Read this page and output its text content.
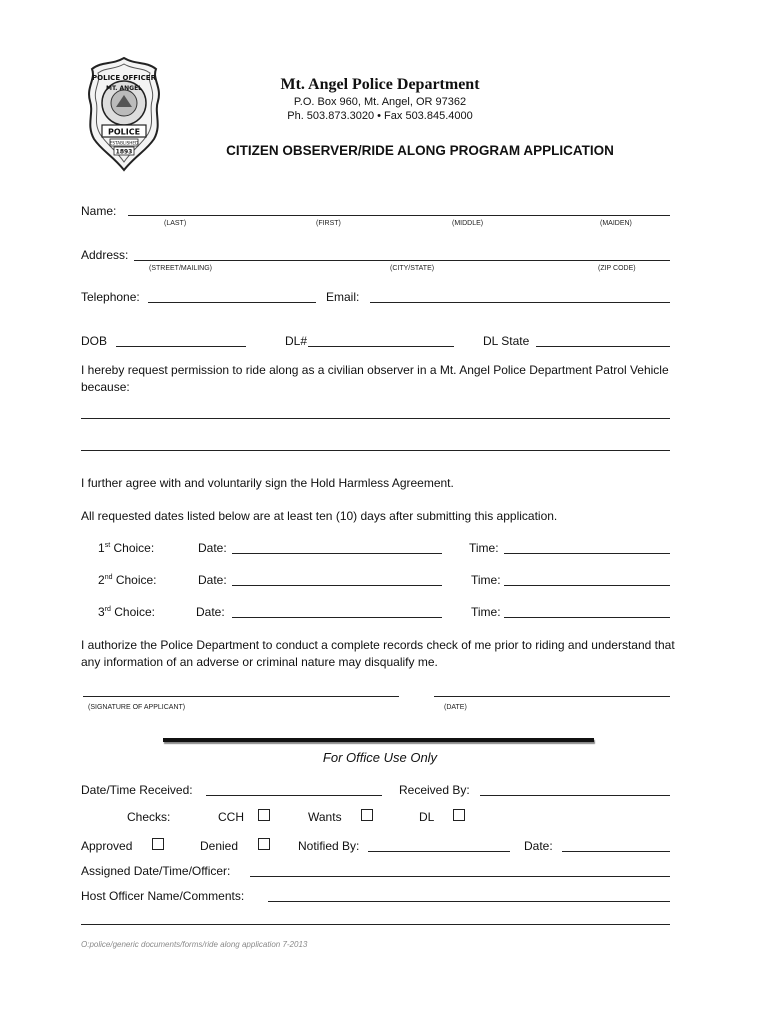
POLICE OFFICER
MT. ANGEL
POLICE
ESTABLISHED
1893
Mt. Angel Police Department
P.O. Box 960, Mt. Angel, OR 97362
Ph. 503.873.3020 • Fax 503.845.4000
CITIZEN OBSERVER/RIDE ALONG PROGRAM APPLICATION
Name:
(LAST)	(FIRST)	(MIDDLE)	(MAIDEN)
Address:
(STREET/MAILING)	(CITY/STATE)	(ZIP CODE)
Telephone:	Email:
DOB	DL#	DL State
I hereby request permission to ride along as a civilian observer in a Mt. Angel Police Department Patrol Vehicle because:
I further agree with and voluntarily sign the Hold Harmless Agreement.
All requested dates listed below are at least ten (10) days after submitting this application.
1st Choice:	Date:	Time:
2nd Choice:	Date:	Time:
3rd Choice:	Date:	Time:
I authorize the Police Department to conduct a complete records check of me prior to riding and understand that any information of an adverse or criminal nature may disqualify me.
(SIGNATURE OF APPLICANT)	(DATE)
For Office Use Only
Date/Time Received:	Received By:
Checks:	CCH	Wants	DL
Approved	Denied	Notified By:	Date:
Assigned Date/Time/Officer:
Host Officer Name/Comments:
O:police/generic documents/forms/ride along application 7-2013
